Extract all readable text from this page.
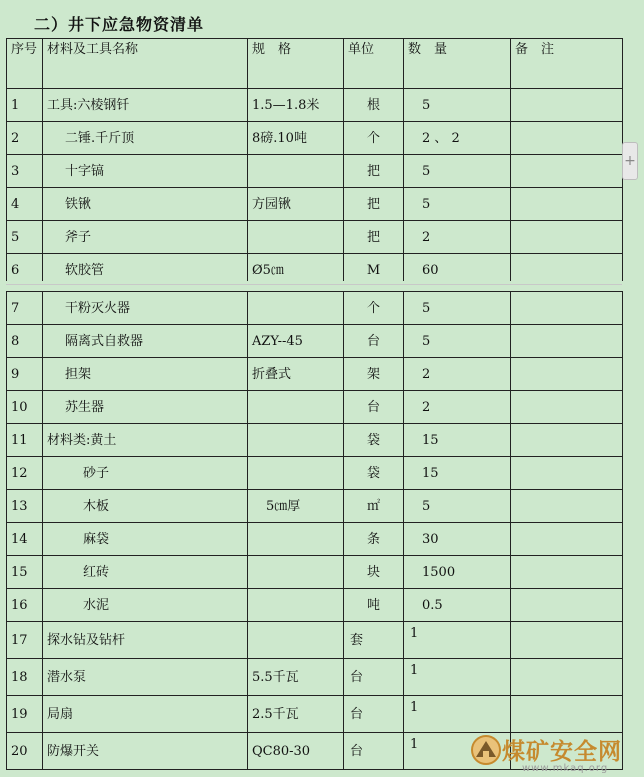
二）井下应急物资清单
序号	材料及工具名称	规　格	单位	数　量	备　注
1	工具:六棱钢钎	1.5—1.8米	根	5	
2	二锤.千斤顶	8磅.10吨	个	2 、 2	
3	十字镐		把	5	
4	铁锹	方园锹	把	5	
5	斧子		把	2	
6	软胶管	Ø5㎝	M	60	
7	干粉灭火器		个	5	
8	隔离式自救器	AZY--45	台	5	
9	担架	折叠式	架	2	
10	苏生器		台	2	
11	材料类:黄土		袋	15	
12	砂子		袋	15	
13	木板	5㎝厚	㎡	5	
14	麻袋		条	30	
15	红砖		块	1500	
16	水泥		吨	0.5	
17	探水钻及钻杆		套	1	
18	潜水泵	5.5千瓦	台	1	
19	局扇	2.5千瓦	台	1	
20	防爆开关	QC80-30	台	1	
+
煤矿安全网
www.mkaq.org
